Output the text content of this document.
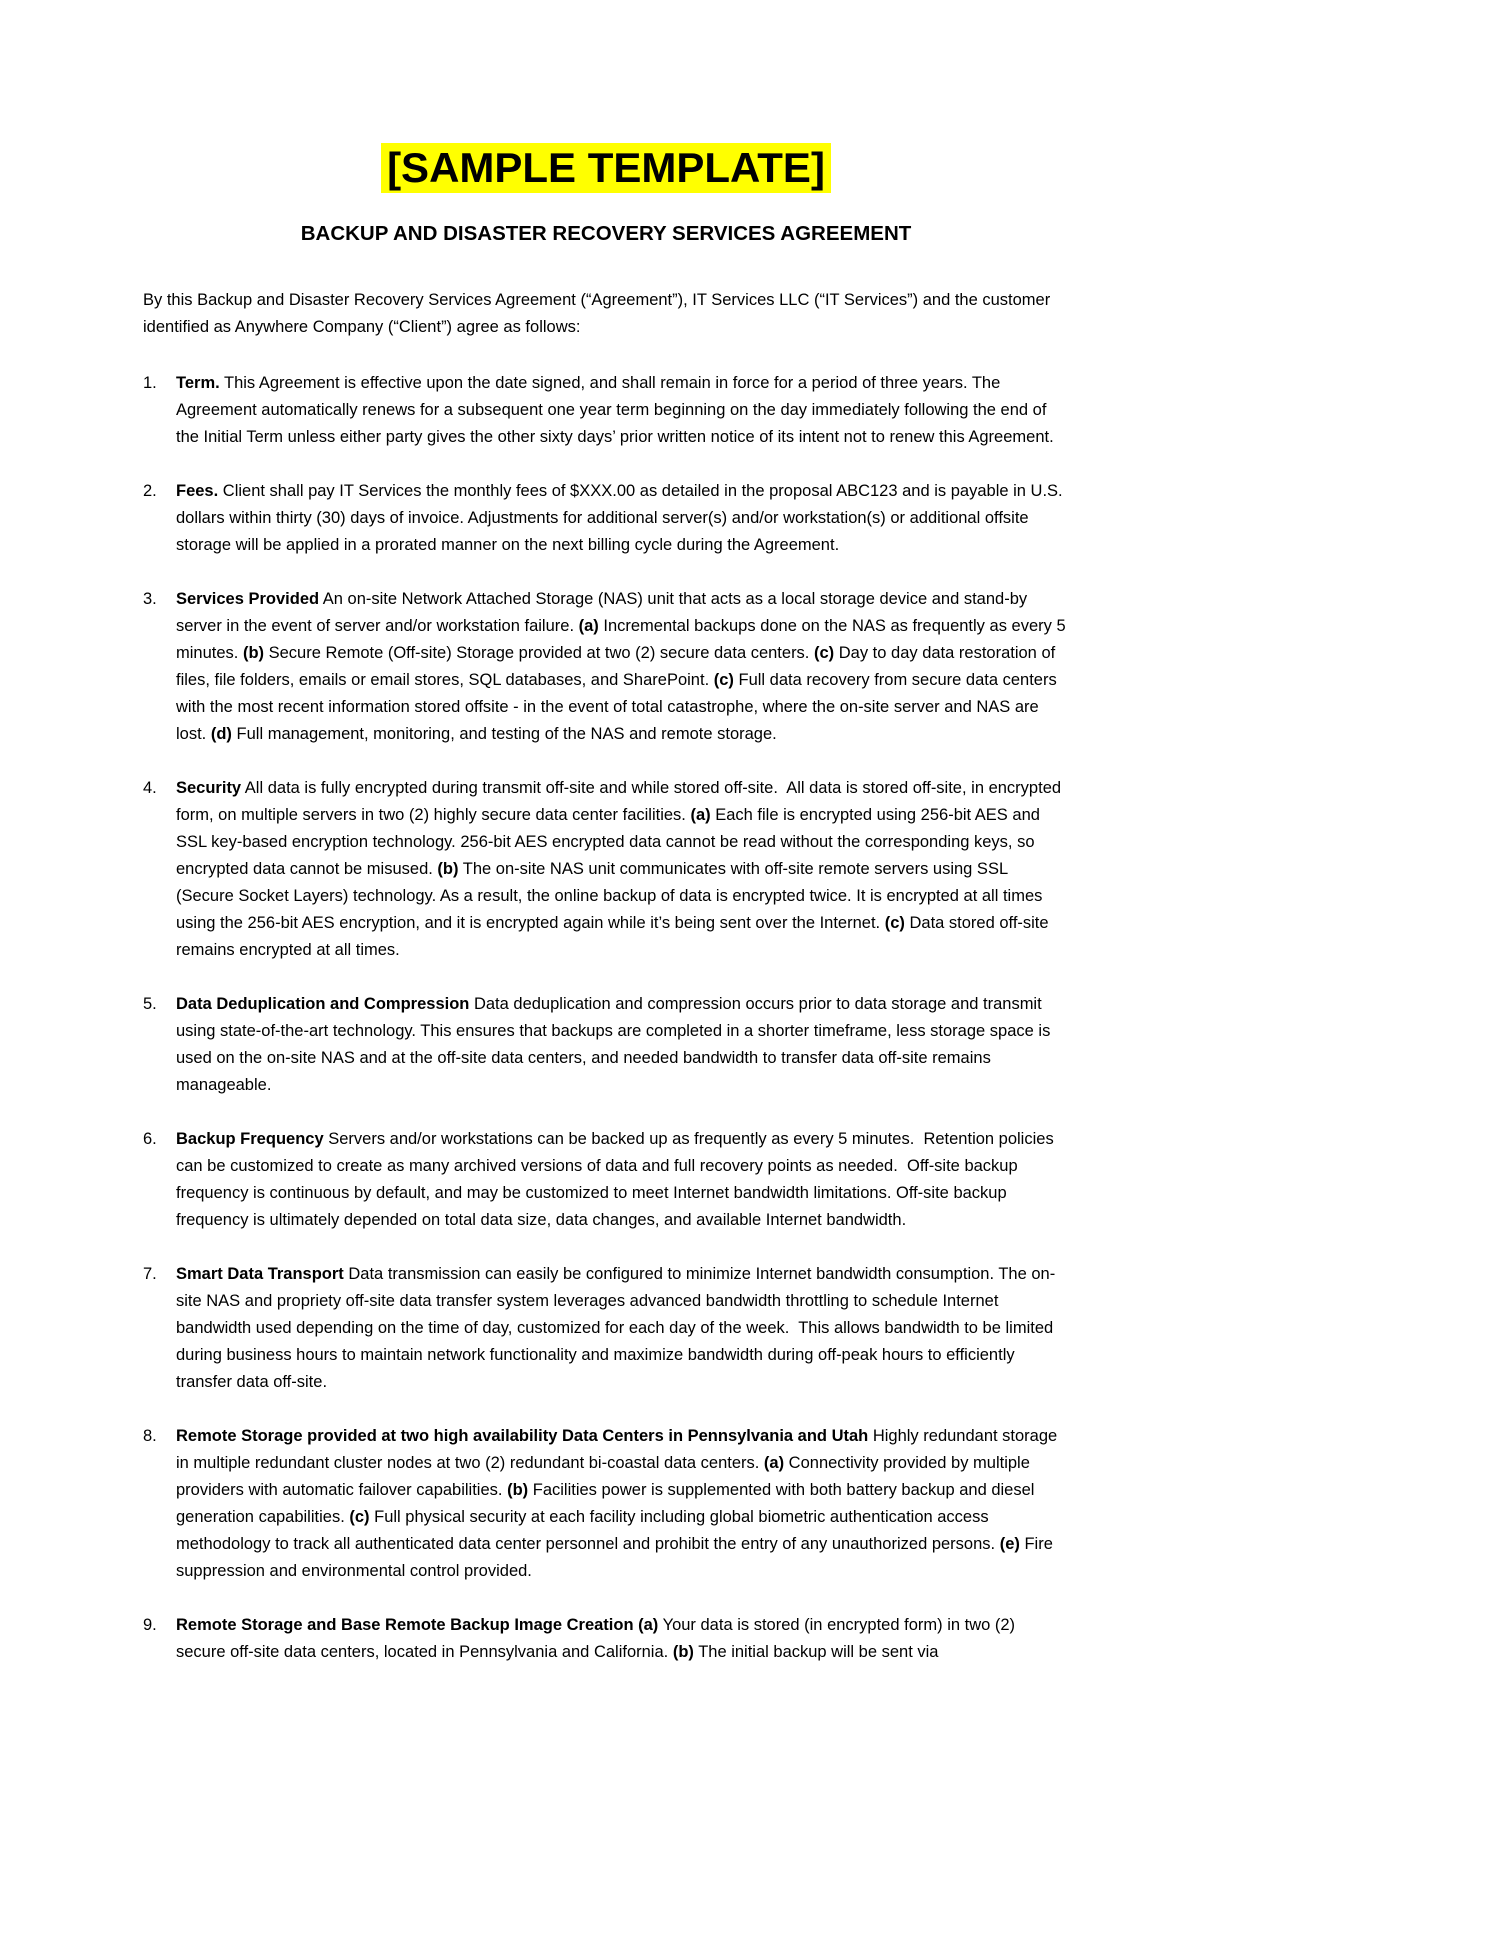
[SAMPLE TEMPLATE]
BACKUP AND DISASTER RECOVERY SERVICES AGREEMENT

By this Backup and Disaster Recovery Services Agreement (“Agreement”), IT Services LLC (“IT Services”) and the customer identified as Anywhere Company (“Client”) agree as follows:

1. Term. This Agreement is effective upon the date signed, and shall remain in force for a period of three years. The Agreement automatically renews for a subsequent one year term beginning on the day immediately following the end of the Initial Term unless either party gives the other sixty days’ prior written notice of its intent not to renew this Agreement.
2. Fees. Client shall pay IT Services the monthly fees of $XXX.00 as detailed in the proposal ABC123 and is payable in U.S. dollars within thirty (30) days of invoice. Adjustments for additional server(s) and/or workstation(s) or additional offsite storage will be applied in a prorated manner on the next billing cycle during the Agreement.
3. Services Provided An on-site Network Attached Storage (NAS) unit that acts as a local storage device and stand-by server in the event of server and/or workstation failure. (a) Incremental backups done on the NAS as frequently as every 5 minutes. (b) Secure Remote (Off-site) Storage provided at two (2) secure data centers. (c) Day to day data restoration of files, file folders, emails or email stores, SQL databases, and SharePoint. (c) Full data recovery from secure data centers with the most recent information stored offsite - in the event of total catastrophe, where the on-site server and NAS are lost. (d) Full management, monitoring, and testing of the NAS and remote storage.
4. Security All data is fully encrypted during transmit off-site and while stored off-site.  All data is stored off-site, in encrypted form, on multiple servers in two (2) highly secure data center facilities. (a) Each file is encrypted using 256-bit AES and SSL key-based encryption technology. 256-bit AES encrypted data cannot be read without the corresponding keys, so encrypted data cannot be misused. (b) The on-site NAS unit communicates with off-site remote servers using SSL (Secure Socket Layers) technology. As a result, the online backup of data is encrypted twice. It is encrypted at all times using the 256-bit AES encryption, and it is encrypted again while it’s being sent over the Internet. (c) Data stored off-site remains encrypted at all times.
5. Data Deduplication and Compression Data deduplication and compression occurs prior to data storage and transmit using state-of-the-art technology. This ensures that backups are completed in a shorter timeframe, less storage space is used on the on-site NAS and at the off-site data centers, and needed bandwidth to transfer data off-site remains manageable.
6. Backup Frequency Servers and/or workstations can be backed up as frequently as every 5 minutes.  Retention policies can be customized to create as many archived versions of data and full recovery points as needed.  Off-site backup frequency is continuous by default, and may be customized to meet Internet bandwidth limitations. Off-site backup frequency is ultimately depended on total data size, data changes, and available Internet bandwidth.
7. Smart Data Transport Data transmission can easily be configured to minimize Internet bandwidth consumption. The on-site NAS and propriety off-site data transfer system leverages advanced bandwidth throttling to schedule Internet bandwidth used depending on the time of day, customized for each day of the week.  This allows bandwidth to be limited during business hours to maintain network functionality and maximize bandwidth during off-peak hours to efficiently transfer data off-site.
8. Remote Storage provided at two high availability Data Centers in Pennsylvania and Utah Highly redundant storage in multiple redundant cluster nodes at two (2) redundant bi-coastal data centers. (a) Connectivity provided by multiple providers with automatic failover capabilities. (b) Facilities power is supplemented with both battery backup and diesel generation capabilities. (c) Full physical security at each facility including global biometric authentication access methodology to track all authenticated data center personnel and prohibit the entry of any unauthorized persons. (e) Fire suppression and environmental control provided.
9. Remote Storage and Base Remote Backup Image Creation (a) Your data is stored (in encrypted form) in two (2) secure off-site data centers, located in Pennsylvania and California. (b) The initial backup will be sent via
